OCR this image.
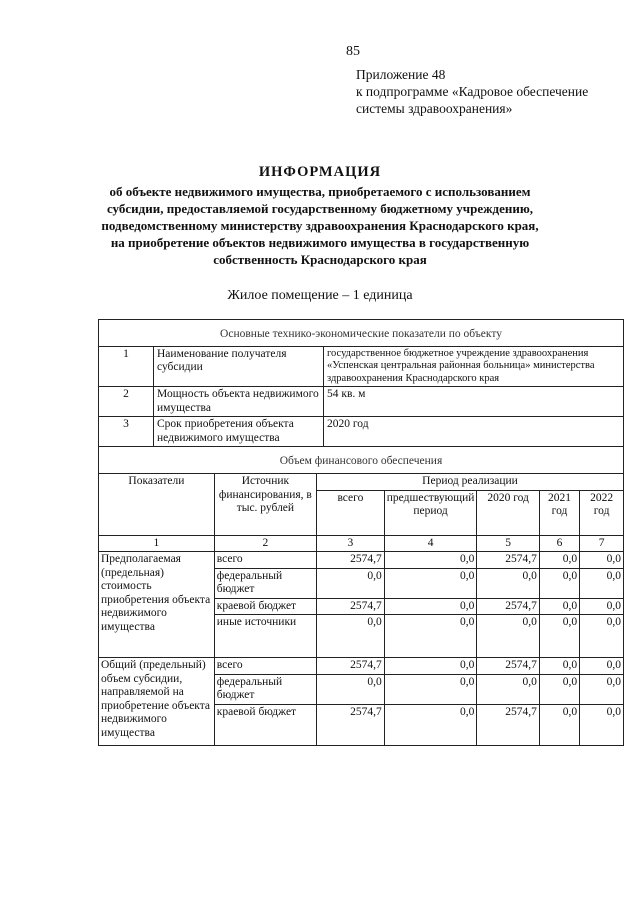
85
Приложение 48
к подпрограмме «Кадровое обеспечение
системы здравоохранения»
ИНФОРМАЦИЯ
об объекте недвижимого имущества, приобретаемого с использованием
субсидии, предоставляемой государственному бюджетному учреждению,
подведомственному министерству здравоохранения Краснодарского края,
на приобретение объектов недвижимого имущества в государственную
собственность Краснодарского края
Жилое помещение – 1 единица
Основные технико-экономические показатели по объекту		
1	Наименование получателя субсидии	государственное бюджетное учреждение здравоохранения «Успенская центральная районная больница» министерства здравоохранения Краснодарского края
2	Мощность объекта недвижимого имущества	54 кв. м
3	Срок приобретения объекта недвижимого имущества	2020 год
Объем финансового обеспечения		
Показатели	Источник финансирования, в тыс. рублей	Период реализации				
		всего	предшествующий период	2020 год	2021 год	2022 год
1	2	3	4	5	6	7
Предполагаемая (предельная) стоимость приобретения объекта недвижимого имущества	всего	2574,7	0,0	2574,7	0,0	0,0
	федеральный бюджет	0,0	0,0	0,0	0,0	0,0
	краевой бюджет	2574,7	0,0	2574,7	0,0	0,0
	иные источники	0,0	0,0	0,0	0,0	0,0
Общий (предельный) объем субсидии, направляемой на приобретение объекта недвижимого имущества	всего	2574,7	0,0	2574,7	0,0	0,0
	федеральный бюджет	0,0	0,0	0,0	0,0	0,0
	краевой бюджет	2574,7	0,0	2574,7	0,0	0,0
